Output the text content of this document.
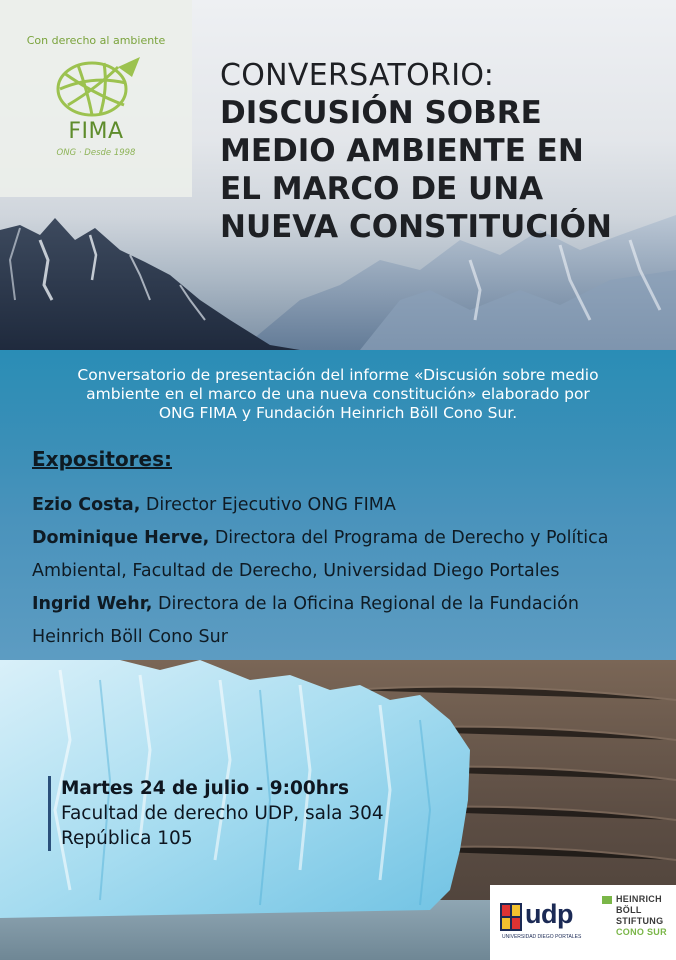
Con derecho al ambiente
FIMA
ONG · Desde 1998
CONVERSATORIO:
DISCUSIÓN SOBRE
MEDIO AMBIENTE EN
EL MARCO DE UNA
NUEVA CONSTITUCIÓN
Conversatorio de presentación del informe «Discusión sobre medio
ambiente en el marco de una nueva constitución» elaborado por
ONG FIMA y Fundación Heinrich Böll Cono Sur.
Expositores:
Ezio Costa, Director Ejecutivo ONG FIMA
Dominique Herve, Directora del Programa de Derecho y Política
Ambiental, Facultad de Derecho, Universidad Diego Portales
Ingrid Wehr, Directora de la Oficina Regional de la Fundación
Heinrich Böll Cono Sur
Martes 24 de julio - 9:00hrs
Facultad de derecho UDP, sala 304
República 105
udp
UNIVERSIDAD DIEGO PORTALES
HEINRICH
BÖLL
STIFTUNG
CONO SUR
